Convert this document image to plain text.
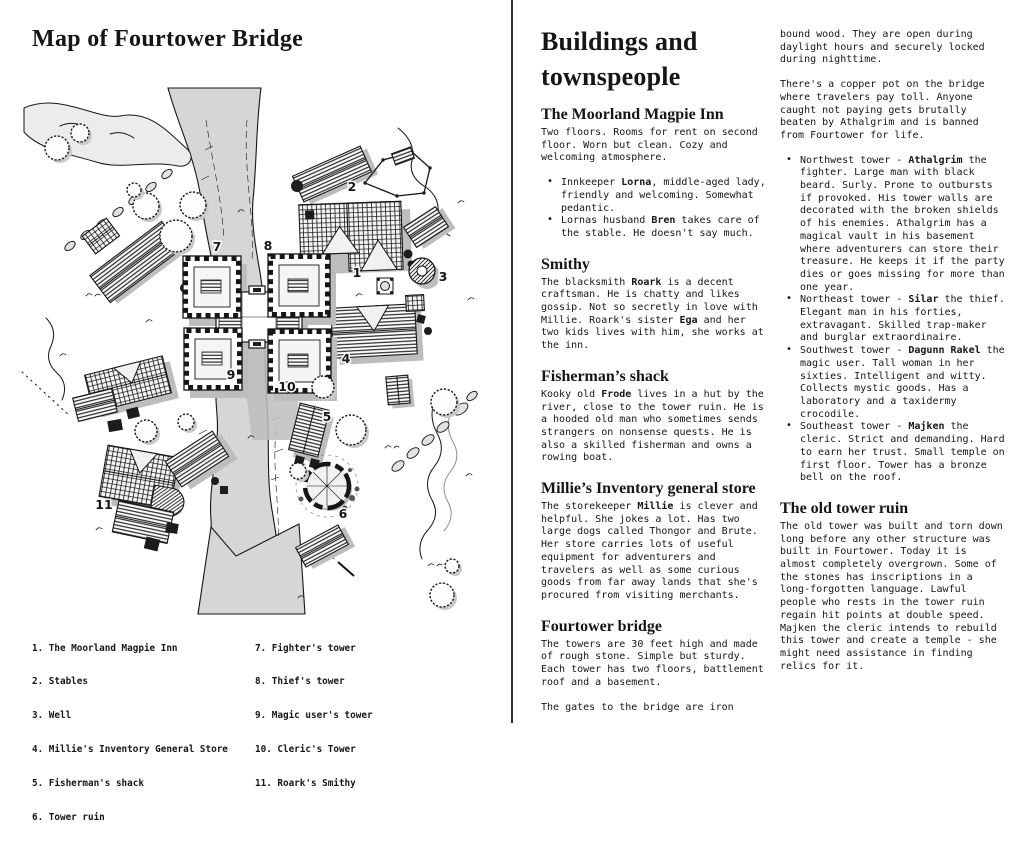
Map of Fourtower Bridge
1
2
3
4
5
6
7	8
9
10
11

1. The Moorland Magpie Inn

2. Stables

3. Well

4. Millie's Inventory General Store

5. Fisherman's shack

6. Tower ruin

7. Fighter's tower

8. Thief's tower

9. Magic user's tower

10. Cleric's Tower

11. Roark's Smithy

Buildings and townspeople
The Moorland Magpie Inn

Two floors. Rooms for rent on second floor. Worn but clean. Cozy and welcoming atmosphere.

• Innkeeper Lorna, middle-aged lady, friendly and welcoming. Somewhat pedantic.
• Lornas husband Bren takes care of the stable. He doesn't say much.
Smithy

The blacksmith Roark is a decent craftsman. He is chatty and likes gossip. Not so secretly in love with Millie. Roark's sister Ega and her two kids lives with him, she works at the inn.

Fisherman’s shack

Kooky old Frode lives in a hut by the river, close to the tower ruin. He is a hooded old man who sometimes sends strangers on nonsense quests. He is also a skilled fisherman and owns a rowing boat.

Millie’s Inventory general store

The storekeeper Millie is clever and helpful. She jokes a lot. Has two large dogs called Thongor and Brute. Her store carries lots of useful equipment for adventurers and travelers as well as some curious goods from far away lands that she's procured from visiting merchants.

Fourtower bridge

The towers are 30 feet high and made of rough stone. Simple but sturdy. Each tower has two floors, battlement roof and a basement.

The gates to the bridge are iron

bound wood. They are open during daylight hours and securely locked during nighttime.

There's a copper pot on the bridge where travelers pay toll. Anyone caught not paying gets brutally beaten by Athalgrim and is banned from Fourtower for life.

• Northwest tower - Athalgrim the fighter. Large man with black beard. Surly. Prone to outbursts if provoked. His tower walls are decorated with the broken shields of his enemies. Athalgrim has a magical vault in his basement where adventurers can store their treasure. He keeps it if the party dies or goes missing for more than one year.
• Northeast tower - Silar the thief. Elegant man in his forties, extravagant. Skilled trap-maker and burglar extraordinaire.
• Southwest tower - Dagunn Rakel the magic user. Tall woman in her sixties. Intelligent and witty. Collects mystic goods. Has a laboratory and a taxidermy crocodile.
• Southeast tower - Majken the cleric. Strict and demanding. Hard to earn her trust. Small temple on first floor. Tower has a bronze bell on the roof.
The old tower ruin

The old tower was built and torn down long before any other structure was built in Fourtower. Today it is almost completely overgrown. Some of the stones has inscriptions in a long-forgotten language. Lawful people who rests in the tower ruin regain hit points at double speed. Majken the cleric intends to rebuild this tower and create a temple - she might need assistance in finding relics for it.
